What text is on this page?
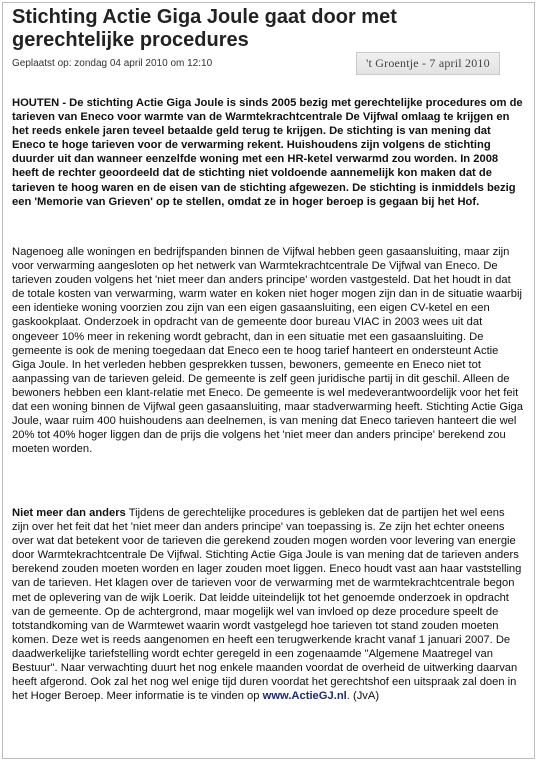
Stichting Actie Giga Joule gaat door met gerechtelijke procedures
Geplaatst op: zondag 04 april 2010 om 12:10	't Groentje - 7 april 2010

HOUTEN - De stichting Actie Giga Joule is sinds 2005 bezig met gerechtelijke procedures om de tarieven van Eneco voor warmte van de Warmtekrachtcentrale De Vijfwal omlaag te krijgen en het reeds enkele jaren teveel betaalde geld terug te krijgen. De stichting is van mening dat Eneco te hoge tarieven voor de verwarming rekent. Huishoudens zijn volgens de stichting duurder uit dan wanneer eenzelfde woning met een HR-ketel verwarmd zou worden. In 2008 heeft de rechter geoordeeld dat de stichting niet voldoende aannemelijk kon maken dat de tarieven te hoog waren en de eisen van de stichting afgewezen. De stichting is inmiddels bezig een 'Memorie van Grieven' op te stellen, omdat ze in hoger beroep is gegaan bij het Hof.

Nagenoeg alle woningen en bedrijfspanden binnen de Vijfwal hebben geen gasaansluiting, maar zijn voor verwarming aangesloten op het netwerk van Warmtekrachtcentrale De Vijfwal van Eneco. De tarieven zouden volgens het 'niet meer dan anders principe' worden vastgesteld. Dat het houdt in dat de totale kosten van verwarming, warm water en koken niet hoger mogen zijn dan in de situatie waarbij een identieke woning voorzien zou zijn van een eigen gasaansluiting, een eigen CV-ketel en een gaskookplaat. Onderzoek in opdracht van de gemeente door bureau VIAC in 2003 wees uit dat ongeveer 10% meer in rekening wordt gebracht, dan in een situatie met een gasaansluiting. De gemeente is ook de mening toegedaan dat Eneco een te hoog tarief hanteert en ondersteunt Actie Giga Joule. In het verleden hebben gesprekken tussen, bewoners, gemeente en Eneco niet tot aanpassing van de tarieven geleid. De gemeente is zelf geen juridische partij in dit geschil. Alleen de bewoners hebben een klant-relatie met Eneco. De gemeente is wel medeverantwoordelijk voor het feit dat een woning binnen de Vijfwal geen gasaansluiting, maar stadverwarming heeft. Stichting Actie Giga Joule, waar ruim 400 huishoudens aan deelnemen, is van mening dat Eneco tarieven hanteert die wel 20% tot 40% hoger liggen dan de prijs die volgens het 'niet meer dan anders principe' berekend zou moeten worden.

Niet meer dan anders Tijdens de gerechtelijke procedures is gebleken dat de partijen het wel eens zijn over het feit dat het 'niet meer dan anders principe' van toepassing is. Ze zijn het echter oneens over wat dat betekent voor de tarieven die gerekend zouden mogen worden voor levering van energie door Warmtekrachtcentrale De Vijfwal. Stichting Actie Giga Joule is van mening dat de tarieven anders berekend zouden moeten worden en lager zouden moet liggen. Eneco houdt vast aan haar vaststelling van de tarieven. Het klagen over de tarieven voor de verwarming met de warmtekrachtcentrale begon met de oplevering van de wijk Loerik. Dat leidde uiteindelijk tot het genoemde onderzoek in opdracht van de gemeente. Op de achtergrond, maar mogelijk wel van invloed op deze procedure speelt de totstandkoming van de Warmtewet waarin wordt vastgelegd hoe tarieven tot stand zouden moeten komen. Deze wet is reeds aangenomen en heeft een terugwerkende kracht vanaf 1 januari 2007. De daadwerkelijke tariefstelling wordt echter geregeld in een zogenaamde "Algemene Maatregel van Bestuur". Naar verwachting duurt het nog enkele maanden voordat de overheid de uitwerking daarvan heeft afgerond. Ook zal het nog wel enige tijd duren voordat het gerechtshof een uitspraak zal doen in het Hoger Beroep. Meer informatie is te vinden op www.ActieGJ.nl. (JvA)
